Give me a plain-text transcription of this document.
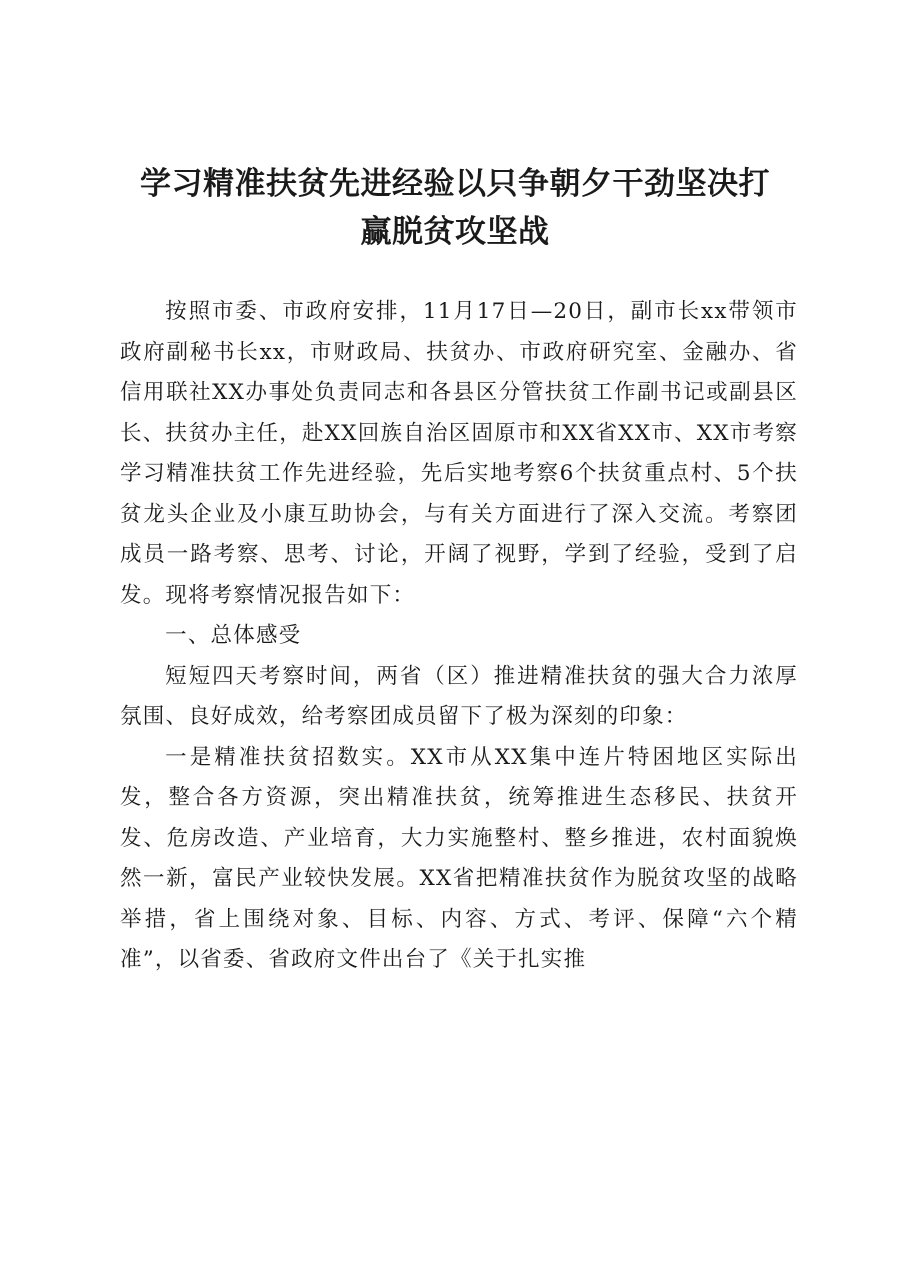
学习精准扶贫先进经验以只争朝夕干劲坚决打
赢脱贫攻坚战

按照市委、市政府安排，11月17日—20日，副市长xx带领市政府副秘书长xx，市财政局、扶贫办、市政府研究室、金融办、省信用联社XX办事处负责同志和各县区分管扶贫工作副书记或副县区长、扶贫办主任，赴XX回族自治区固原市和XX省XX市、XX市考察学习精准扶贫工作先进经验，先后实地考察6个扶贫重点村、5个扶贫龙头企业及小康互助协会，与有关方面进行了深入交流。考察团成员一路考察、思考、讨论，开阔了视野，学到了经验，受到了启发。现将考察情况报告如下：

一、总体感受

短短四天考察时间，两省（区）推进精准扶贫的强大合力浓厚氛围、良好成效，给考察团成员留下了极为深刻的印象：

一是精准扶贫招数实。XX市从XX集中连片特困地区实际出发，整合各方资源，突出精准扶贫，统筹推进生态移民、扶贫开发、危房改造、产业培育，大力实施整村、整乡推进，农村面貌焕然一新，富民产业较快发展。XX省把精准扶贫作为脱贫攻坚的战略举措，省上围绕对象、目标、内容、方式、考评、保障“六个精准”，以省委、省政府文件出台了《关于扎实推
